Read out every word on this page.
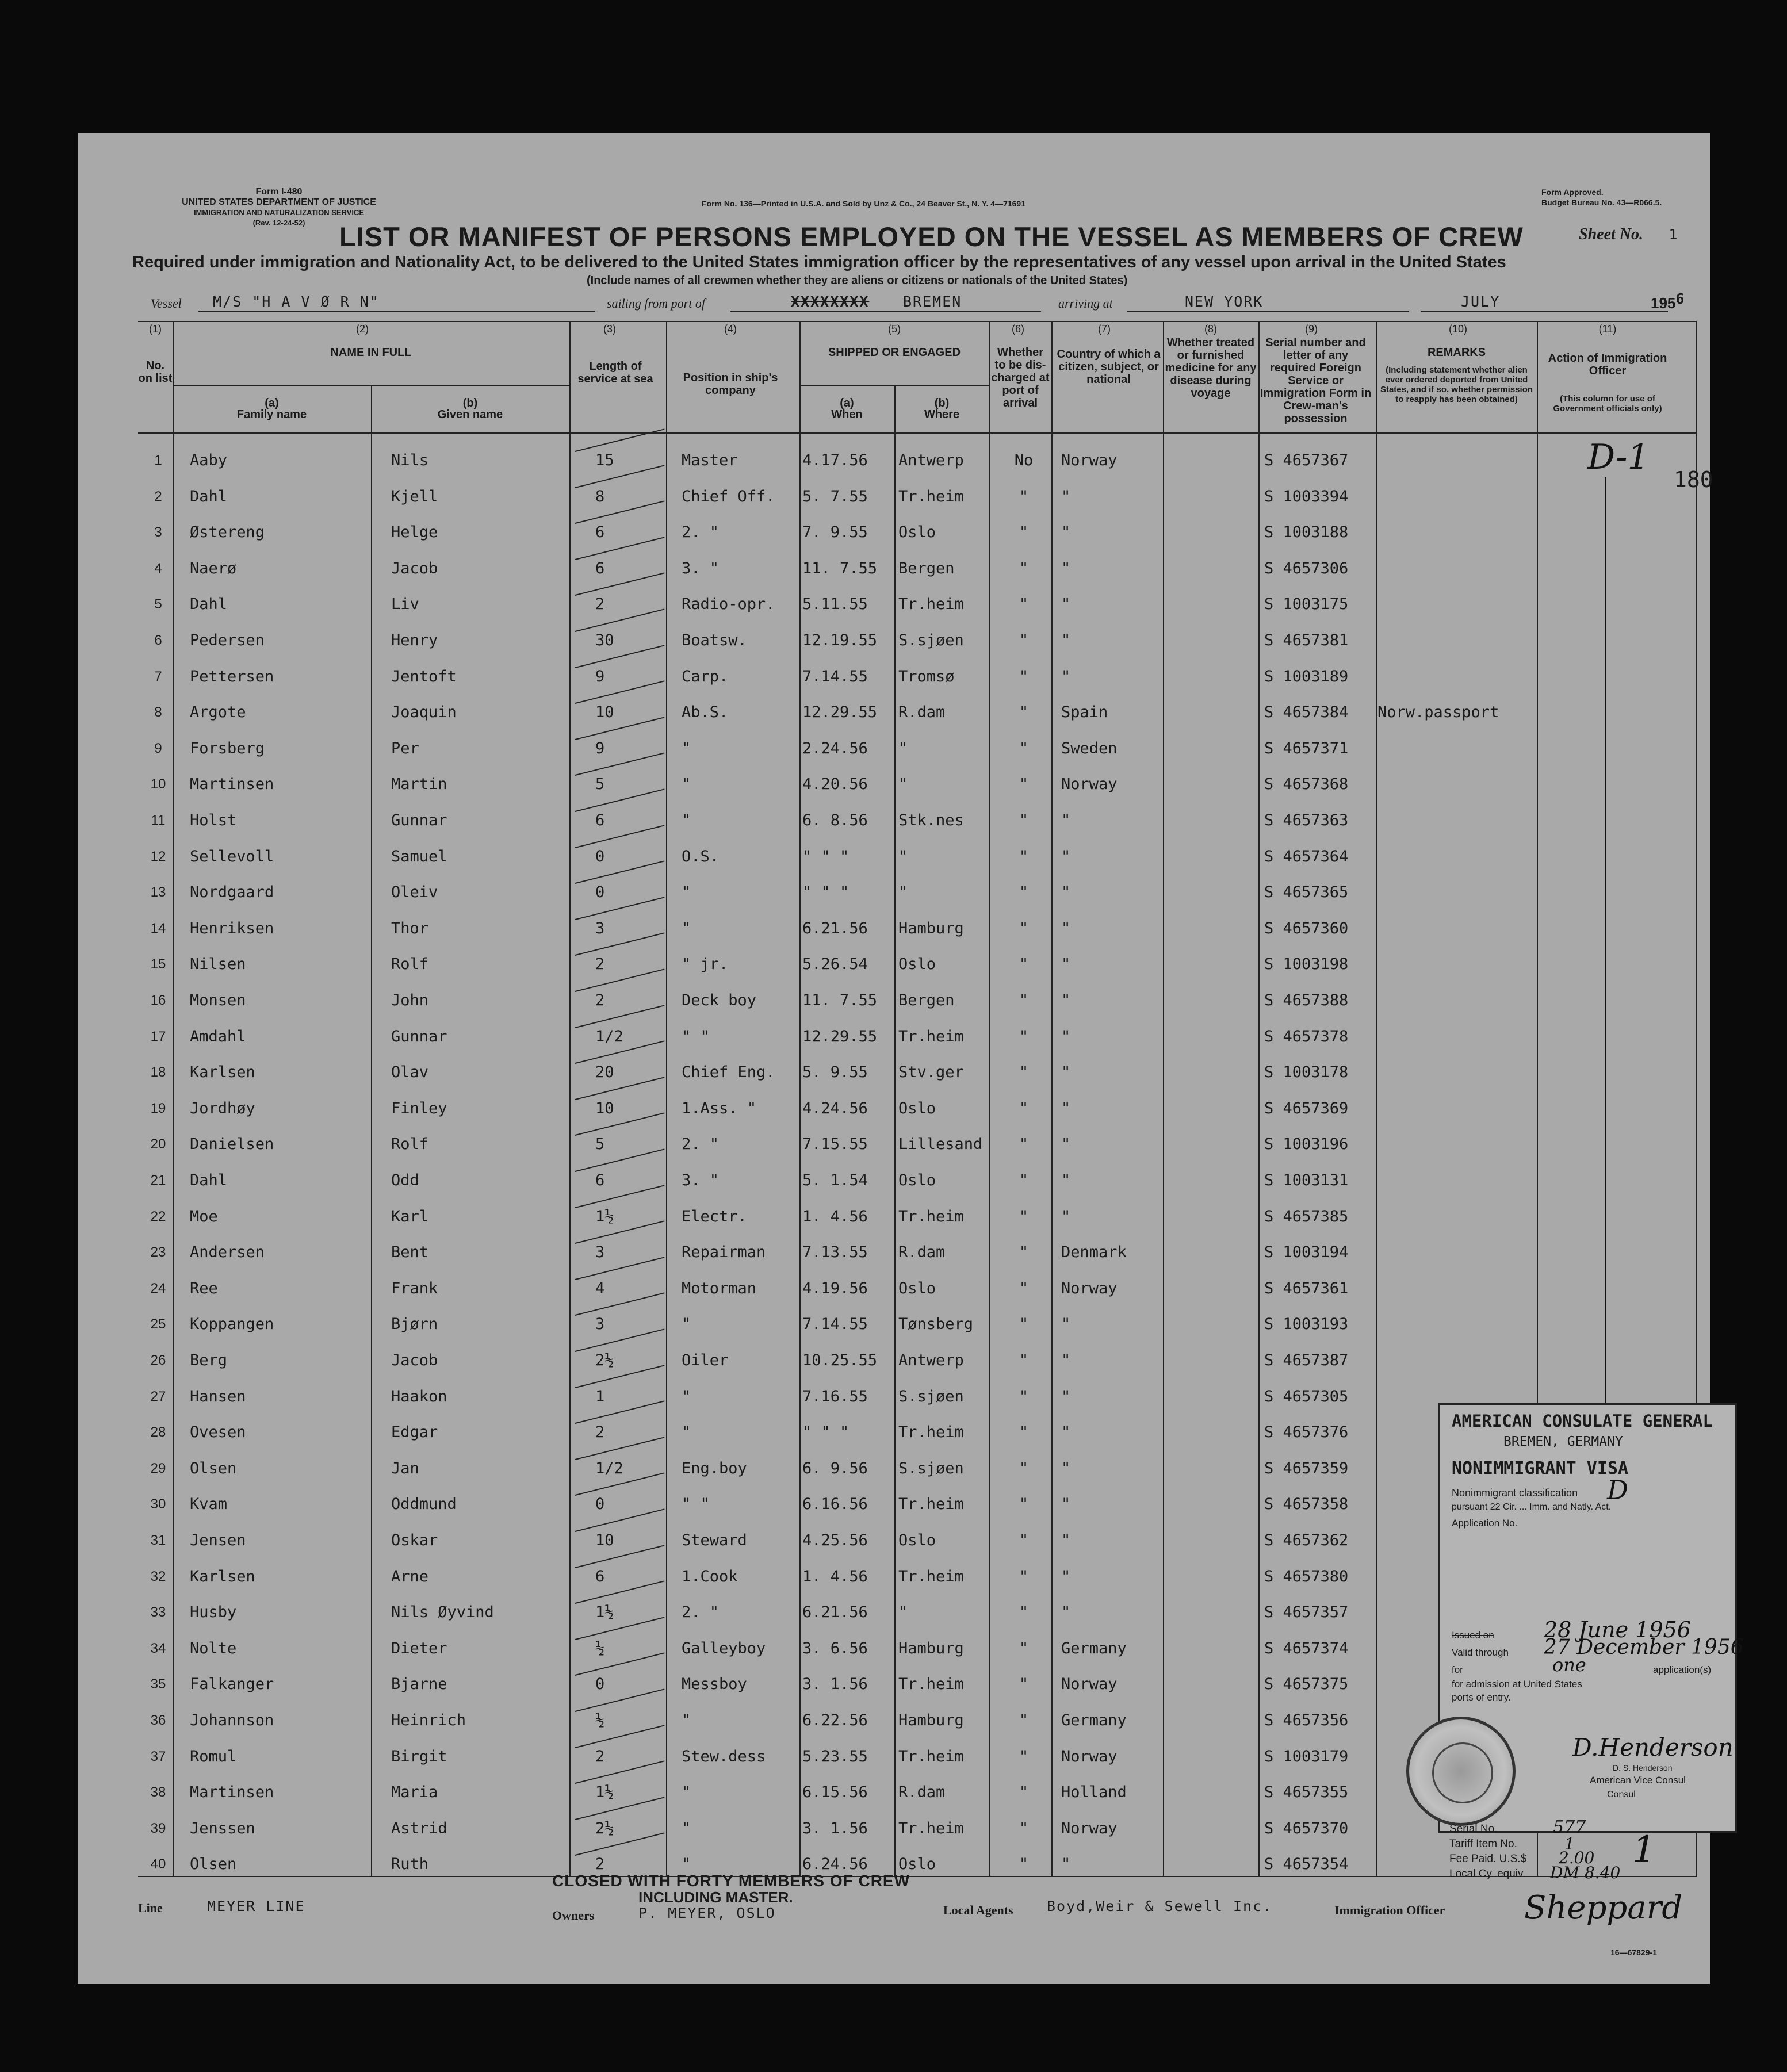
Form I-480
UNITED STATES DEPARTMENT OF JUSTICE
IMMIGRATION AND NATURALIZATION SERVICE
(Rev. 12-24-52)
Form No. 136—Printed in U.S.A. and Sold by Unz & Co., 24 Beaver St., N. Y. 4—71691
Form Approved.
Budget Bureau No. 43—R066.5.
LIST OR MANIFEST OF PERSONS EMPLOYED ON THE VESSEL AS MEMBERS OF CREW	Sheet No. 1
Required under immigration and Nationality Act, to be delivered to the United States immigration officer by the representatives of any vessel upon arrival in the United States
(Include names of all crewmen whether they are aliens or citizens or nationals of the United States)
Vessel M/S "H A V Ø R N"	sailing from port of	XXXXXXXX BREMEN	arriving at	NEW YORK	JULY	1956
(1)	(2)	(3)	(4)	(5)	(6)	(7)	(8)	(9)	(10)	(11)
No. on list
NAME IN FULL
(a)
Family name
(b)
Given name
Length of service at sea	Position in ship's company
SHIPPED OR ENGAGED
(a)
When
(b)
Where
Whether to be dis-charged at port of arrival
Country of which a citizen, subject, or national
Whether treated or furnished medicine for any disease during voyage
Serial number and letter of any required Foreign Service or Immigration Form in Crew-man's possession
REMARKS
(Including statement whether alien ever ordered deported from United States, and if so, whether permission to reapply has been obtained)
Action of Immigration Officer
(This column for use of Government officials only)
1	Aaby	Nils	15	Master	4.17.56 Antwerp	No	Norway	S 4657367
2	Dahl	Kjell	8	Chief Off. 5. 7.55 Tr.heim	"	"	S 1003394
3	Østereng	Helge	6	2. "	7. 9.55 Oslo	"	"	S 1003188
4	Naerø	Jacob	6	3. "	11. 7.55 Bergen	"	"	S 4657306
5	Dahl	Liv	2	Radio-opr. 5.11.55 Tr.heim	"	"	S 1003175
6	Pedersen	Henry	30	Boatsw.	12.19.55 S.sjøen	"	"	S 4657381
7	Pettersen	Jentoft	9	Carp.	7.14.55 Tromsø	"	"	S 1003189
8	Argote	Joaquin	10	Ab.S.	12.29.55 R.dam	"	Spain	S 4657384 Norw.passport
9	Forsberg	Per	9	"	2.24.56 "	"	Sweden	S 4657371
10	Martinsen	Martin	5	"	4.20.56 "	"	Norway	S 4657368
11	Holst	Gunnar	6	"	6. 8.56 Stk.nes	"	"	S 4657363
12	Sellevoll	Samuel	0	O.S.	" " "	"	"	"	S 4657364
13	Nordgaard	Oleiv	0	"	" " "	"	"	"	S 4657365
14	Henriksen	Thor	3	"	6.21.56 Hamburg	"	"	S 4657360
15	Nilsen	Rolf	2	" jr.	5.26.54 Oslo	"	"	S 1003198
16	Monsen	John	2	Deck boy	11. 7.55 Bergen	"	"	S 4657388
17	Amdahl	Gunnar	1/2	" "	12.29.55 Tr.heim	"	"	S 4657378
18	Karlsen	Olav	20	Chief Eng. 5. 9.55 Stv.ger	"	"	S 1003178
19	Jordhøy	Finley	10	1.Ass. "	4.24.56 Oslo	"	"	S 4657369
20	Danielsen	Rolf	5	2. "	7.15.55 Lillesand	"	"	S 1003196
21	Dahl	Odd	6	3. "	5. 1.54 Oslo	"	"	S 1003131
22	Moe	Karl	1½	Electr.	1. 4.56 Tr.heim	"	"	S 4657385
23	Andersen	Bent	3	Repairman 7.13.55 R.dam	"	Denmark	S 1003194
24	Ree	Frank	4	Motorman	4.19.56 Oslo	"	Norway	S 4657361
25	Koppangen	Bjørn	3	"	7.14.55 Tønsberg	"	"	S 1003193
26	Berg	Jacob	2½	Oiler	10.25.55 Antwerp	"	"	S 4657387
27	Hansen	Haakon	1	"	7.16.55 S.sjøen	"	"	S 4657305
28	Ovesen	Edgar	2	"	" " "	Tr.heim	"	"	S 4657376
29	Olsen	Jan	1/2	Eng.boy	6. 9.56 S.sjøen	"	"	S 4657359
30	Kvam	Oddmund	0	" "	6.16.56 Tr.heim	"	"	S 4657358
31	Jensen	Oskar	10	Steward	4.25.56 Oslo	"	"	S 4657362
32	Karlsen	Arne	6	1.Cook	1. 4.56 Tr.heim	"	"	S 4657380
33	Husby	Nils Øyvind	1½	2. "	6.21.56 "	"	"	S 4657357
34	Nolte	Dieter	½	Galleyboy 3. 6.56 Hamburg	"	Germany	S 4657374
35	Falkanger	Bjarne	0	Messboy	3. 1.56 Tr.heim	"	Norway	S 4657375
36	Johannson	Heinrich	½	"	6.22.56 Hamburg	"	Germany	S 4657356
37	Romul	Birgit	2	Stew.dess 5.23.55 Tr.heim	"	Norway	S 1003179
38	Martinsen	Maria	1½	"	6.15.56 R.dam	"	Holland	S 4657355
39	Jenssen	Astrid	2½	"	3. 1.56 Tr.heim	"	Norway	S 4657370
40	Olsen	Ruth	2	"	6.24.56 Oslo	"	"	S 4657354
D-1
180
CLOSED WITH FORTY MEMBERS OF CREW
INCLUDING MASTER.
Line	MEYER LINE
Owners	P. MEYER, OSLO	Local Agents Boyd,Weir & Sewell Inc.	Immigration Officer Sheppard
16—67829-1
AMERICAN CONSULATE GENERAL
BREMEN, GERMANY
NONIMMIGRANT VISA
Nonimmigrant classification D
pursuant 22 Cir. ... Imm. and Natly. Act.
Application No.
Issued on 28 June 1956
Valid through 27 December 1956
for	one	application(s)
for admission at United States
ports of entry.
D.Henderson
D. S. Henderson
American Vice Consul
Consul
Serial No.	577
Tariff Item No.	1
Fee Paid. U.S.$ 2.00
Local Cy. equiv. DM 8.40
1
